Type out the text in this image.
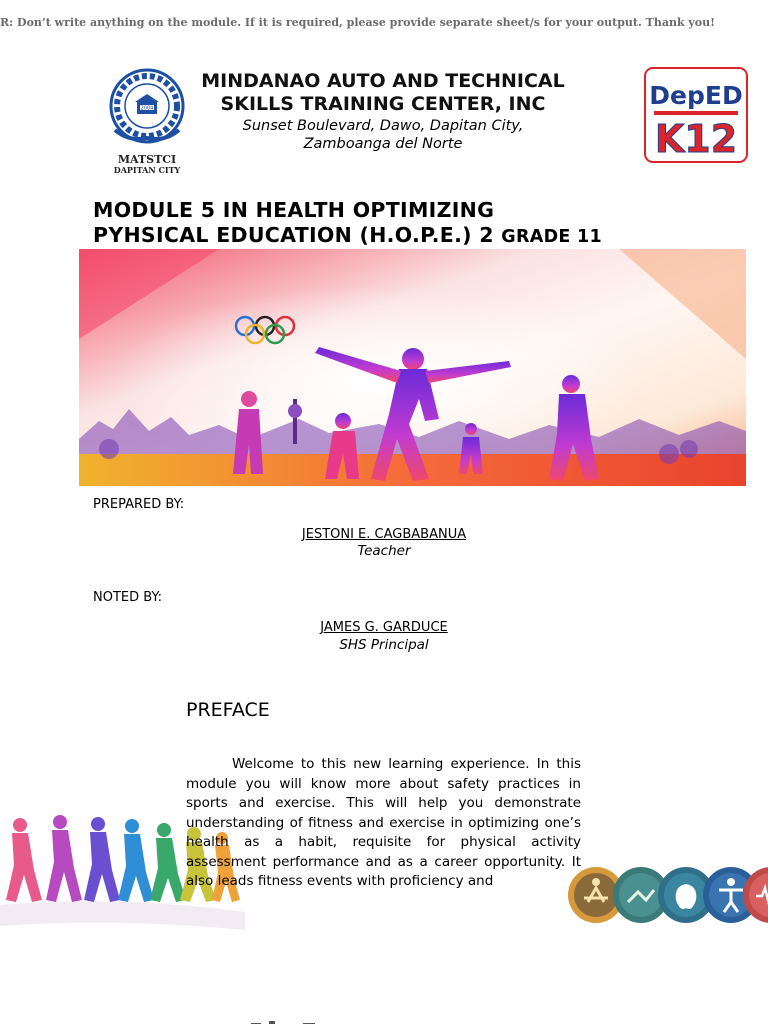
R: Don’t write anything on the module. If it is required, please provide separate sheet/s for your output. Thank you!
2004
MATSTCI
DAPITAN CITY
MINDANAO AUTO AND TECHNICAL SKILLS TRAINING CENTER, INC
Sunset Boulevard, Dawo, Dapitan City,
Zamboanga del Norte
DepED
K12
MODULE 5 IN HEALTH OPTIMIZING
PYHSICAL EDUCATION (H.O.P.E.) 2 GRADE 11
PREPARED BY:
JESTONI E. CAGBABANUA
Teacher
NOTED BY:
JAMES G. GARDUCE
SHS Principal
PREFACE
Welcome to this new learning experience. In this module you will know more about safety practices in sports and exercise. This will help you demonstrate understanding of fitness and exercise in optimizing one’s health as a habit, requisite for physical activity assessment performance and as a career opportunity. It also leads fitness events with proficiency and
